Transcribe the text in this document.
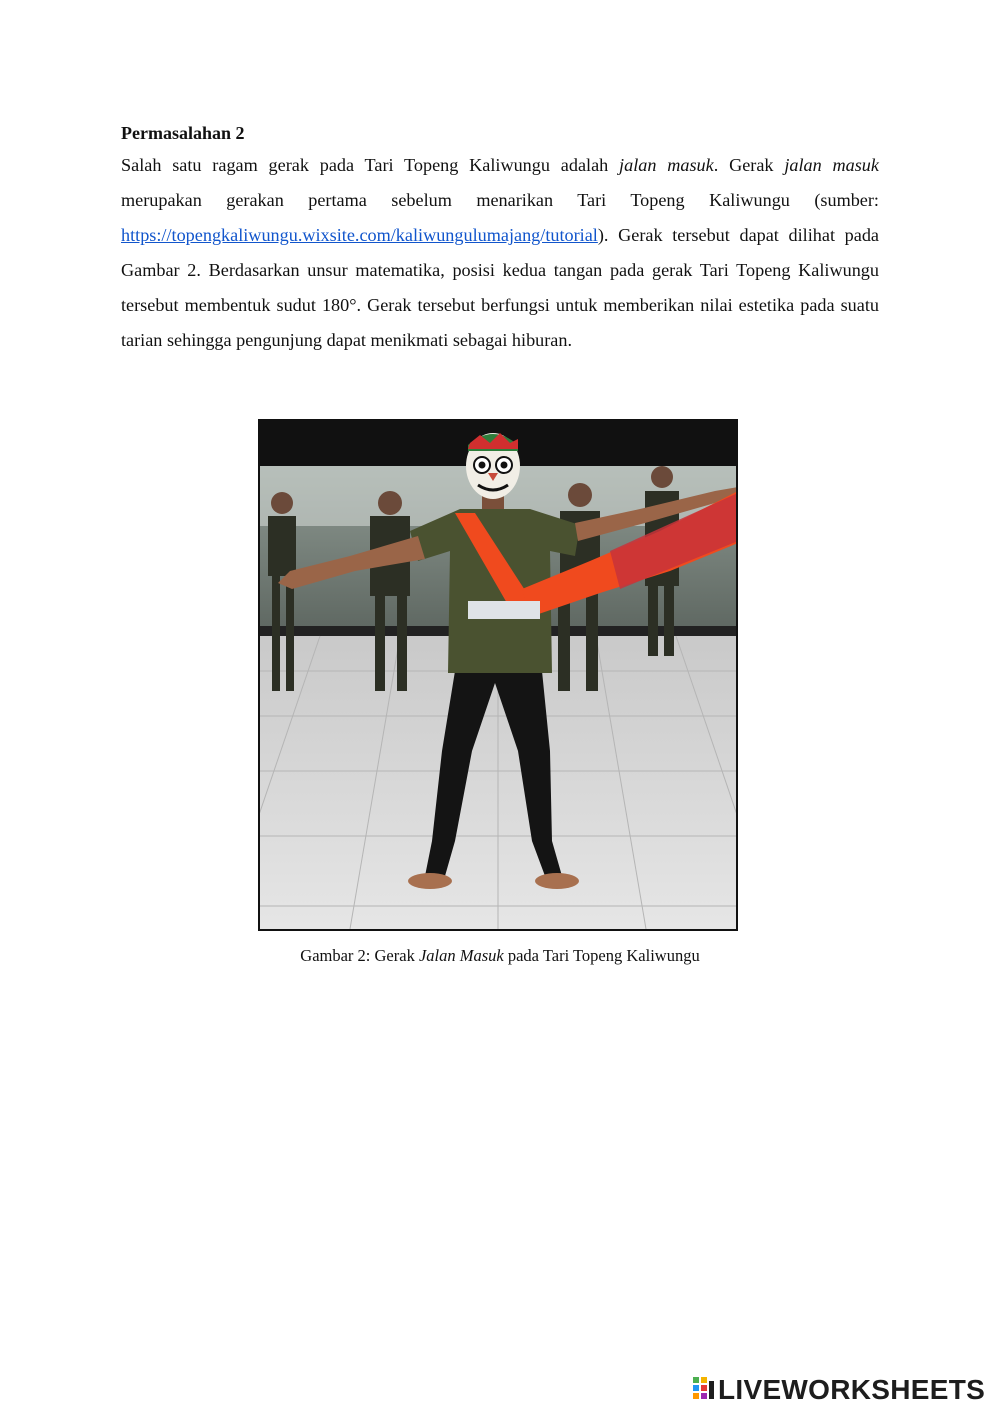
Permasalahan 2

Salah satu ragam gerak pada Tari Topeng Kaliwungu adalah jalan masuk. Gerak jalan masuk merupakan gerakan pertama sebelum menarikan Tari Topeng Kaliwungu (sumber: https://topengkaliwungu.wixsite.com/kaliwungulumajang/tutorial). Gerak tersebut dapat dilihat pada Gambar 2. Berdasarkan unsur matematika, posisi kedua tangan pada gerak Tari Topeng Kaliwungu tersebut membentuk sudut 180°. Gerak tersebut berfungsi untuk memberikan nilai estetika pada suatu tarian sehingga pengunjung dapat menikmati sebagai hiburan.

Gambar 2: Gerak Jalan Masuk pada Tari Topeng Kaliwungu
LIVEWORKSHEETS
